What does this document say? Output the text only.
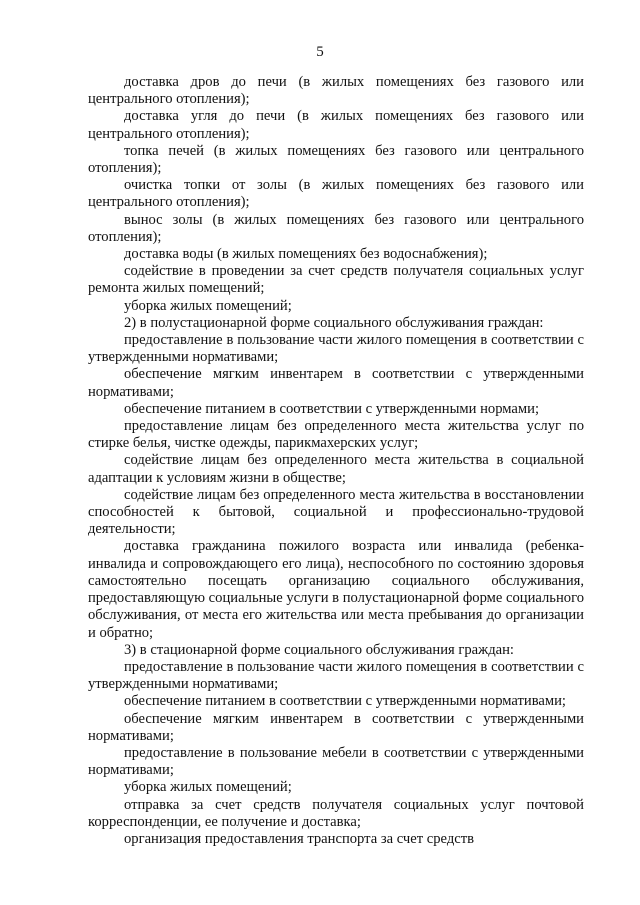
5

доставка дров до печи (в жилых помещениях без газового или центрального отопления);

доставка угля до печи (в жилых помещениях без газового или центрального отопления);

топка печей (в жилых помещениях без газового или центрального отопления);

очистка топки от золы (в жилых помещениях без газового или центрального отопления);

вынос золы (в жилых помещениях без газового или центрального отопления);

доставка воды (в жилых помещениях без водоснабжения);

содействие в проведении за счет средств получателя социальных услуг ремонта жилых помещений;

уборка жилых помещений;

2) в полустационарной форме социального обслуживания граждан:

предоставление в пользование части жилого помещения в соответствии с утвержденными нормативами;

обеспечение мягким инвентарем в соответствии с утвержденными нормативами;

обеспечение питанием в соответствии с утвержденными нормами;

предоставление лицам без определенного места жительства услуг по стирке белья, чистке одежды, парикмахерских услуг;

содействие лицам без определенного места жительства в социальной адаптации к условиям жизни в обществе;

содействие лицам без определенного места жительства в восстановлении способностей к бытовой, социальной и профессионально-трудовой деятельности;

доставка гражданина пожилого возраста или инвалида (ребенка-инвалида и сопровождающего его лица), неспособного по состоянию здоровья самостоятельно посещать организацию социального обслуживания, предоставляющую социальные услуги в полустационарной форме социального обслуживания, от места его жительства или места пребывания до организации и обратно;

3) в стационарной форме социального обслуживания граждан:

предоставление в пользование части жилого помещения в соответствии с утвержденными нормативами;

обеспечение питанием в соответствии с утвержденными нормативами;

обеспечение мягким инвентарем в соответствии с утвержденными нормативами;

предоставление в пользование мебели в соответствии с утвержденными нормативами;

уборка жилых помещений;

отправка за счет средств получателя социальных услуг почтовой корреспонденции, ее получение и доставка;

организация предоставления транспорта за счет средств
